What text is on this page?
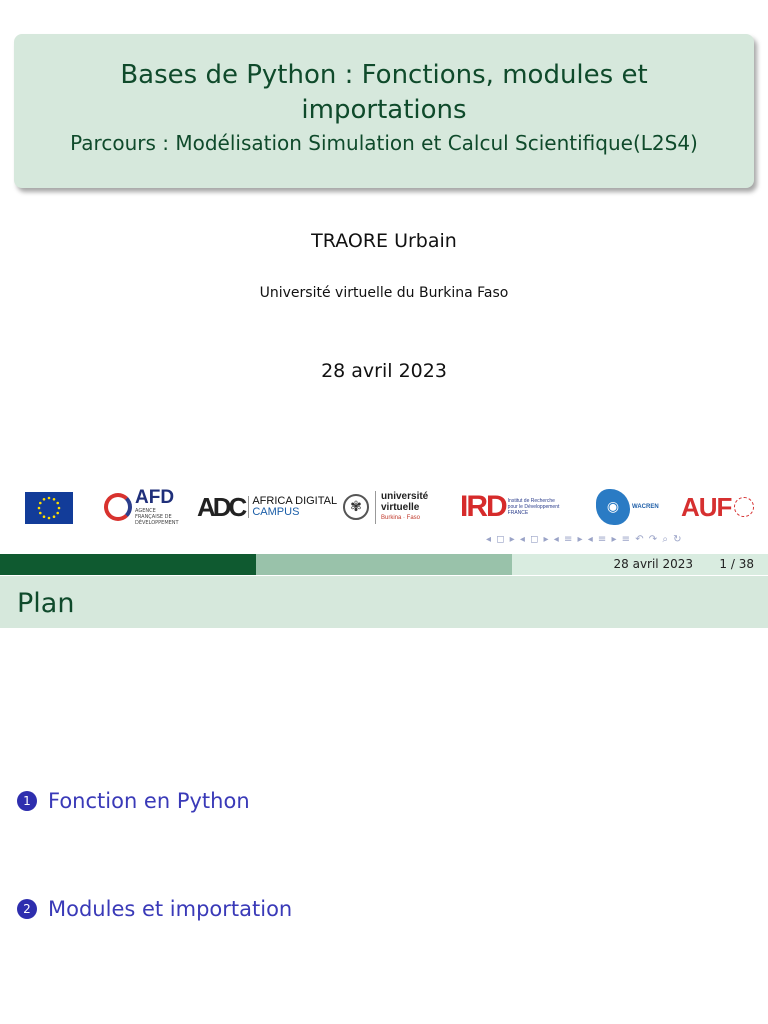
Bases de Python : Fonctions, modules et importations
Parcours : Modélisation Simulation et Calcul Scientifique(L2S4)
TRAORE Urbain
Université virtuelle du Burkina Faso
28 avril 2023
AFD
AGENCE FRANÇAISE DE DÉVELOPPEMENT
ADC AFRICA DIGITAL
CAMPUS	✾
université
virtuelle
Burkina · Faso IRD Institut de Recherche
pour le Développement
FRANCE	◉	WACREN AUF
◂ ◻ ▸ ◂ ◻ ▸ ◂ ≡ ▸ ◂ ≡ ▸ ≡ ↶ ↷ ⌕ ↻
28 avril 2023 1 / 38
Plan
1 Fonction en Python
2 Modules et importation
